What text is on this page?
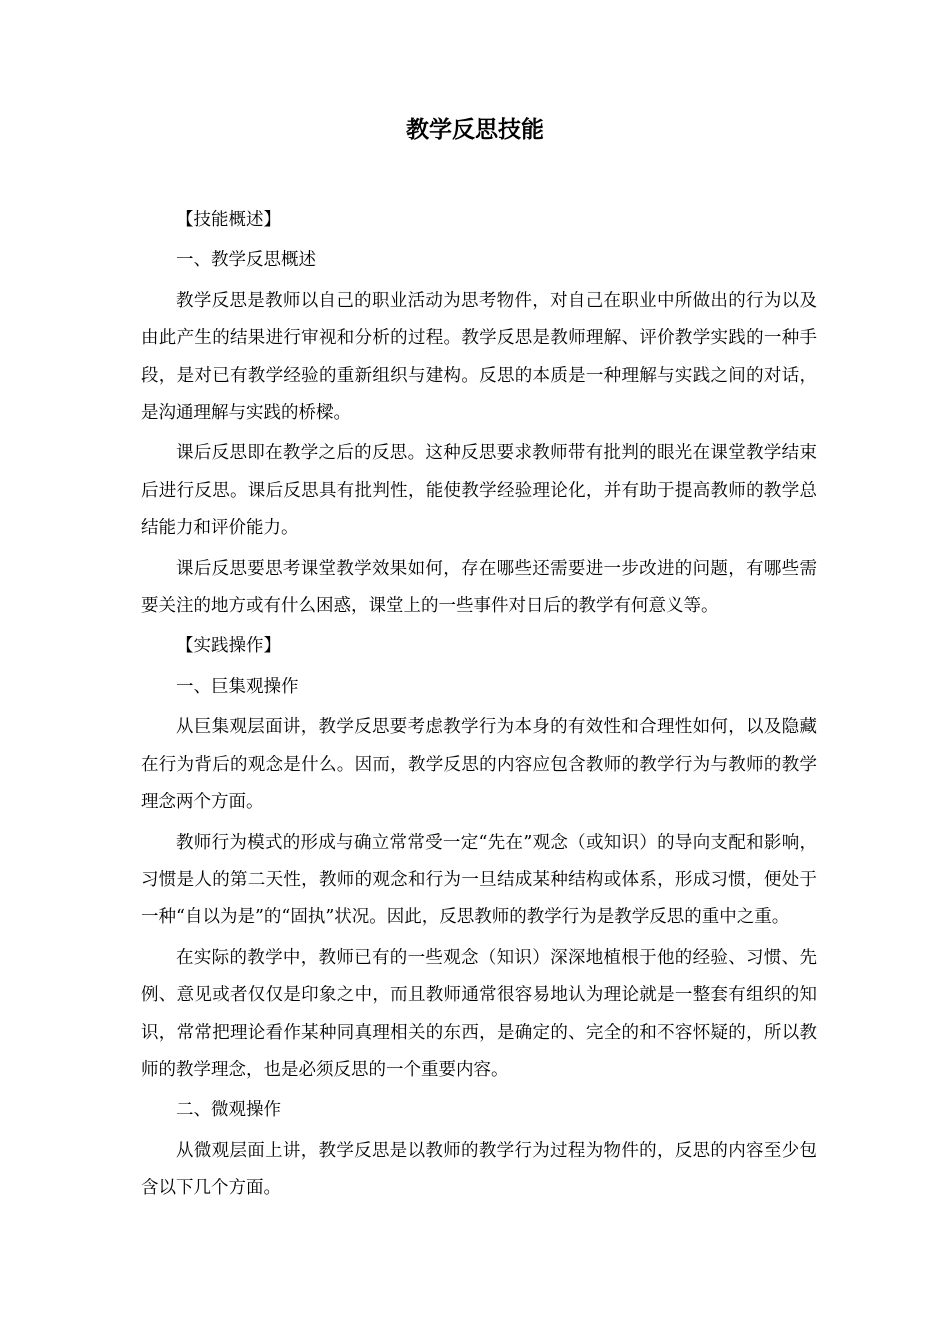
教学反思技能

【技能概述】

一、教学反思概述

教学反思是教师以自己的职业活动为思考物件，对自己在职业中所做出的行为以及由此产生的结果进行审视和分析的过程。教学反思是教师理解、评价教学实践的一种手段，是对已有教学经验的重新组织与建构。反思的本质是一种理解与实践之间的对话，是沟通理解与实践的桥樑。

课后反思即在教学之后的反思。这种反思要求教师带有批判的眼光在课堂教学结束后进行反思。课后反思具有批判性，能使教学经验理论化，并有助于提高教师的教学总结能力和评价能力。

课后反思要思考课堂教学效果如何，存在哪些还需要进一步改进的问题，有哪些需要关注的地方或有什么困惑，课堂上的一些事件对日后的教学有何意义等。

【实践操作】

一、巨集观操作

从巨集观层面讲，教学反思要考虑教学行为本身的有效性和合理性如何，以及隐藏在行为背后的观念是什么。因而，教学反思的内容应包含教师的教学行为与教师的教学理念两个方面。

教师行为模式的形成与确立常常受一定“先在”观念（或知识）的导向支配和影响，习惯是人的第二天性，教师的观念和行为一旦结成某种结构或体系，形成习惯，便处于一种“自以为是”的“固执”状况。因此，反思教师的教学行为是教学反思的重中之重。

在实际的教学中，教师已有的一些观念（知识）深深地植根于他的经验、习惯、先例、意见或者仅仅是印象之中，而且教师通常很容易地认为理论就是一整套有组织的知识，常常把理论看作某种同真理相关的东西，是确定的、完全的和不容怀疑的，所以教师的教学理念，也是必须反思的一个重要内容。

二、微观操作

从微观层面上讲，教学反思是以教师的教学行为过程为物件的，反思的内容至少包含以下几个方面。
